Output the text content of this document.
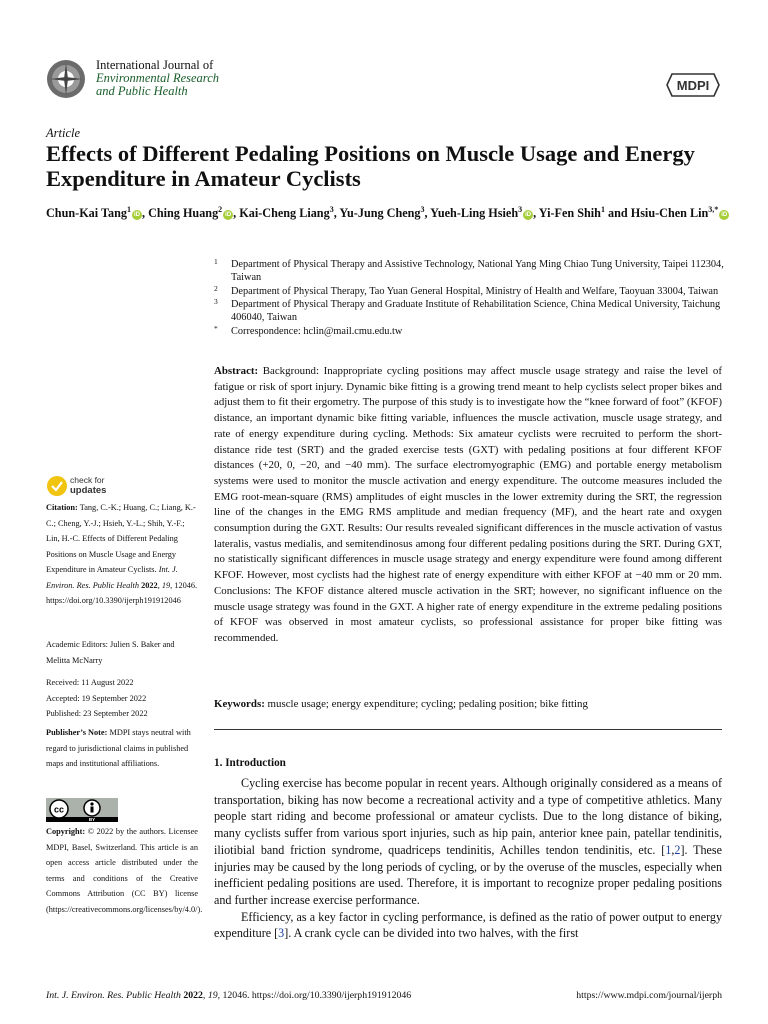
International Journal of
Environmental Research
and Public Health	MDPI
Article
Effects of Different Pedaling Positions on Muscle Usage and Energy Expenditure in Amateur Cyclists
Chun-Kai Tang$^1$iD , Ching Huang$^2$iD , Kai-Cheng Liang$^3$, Yu-Jung Cheng$^3$, Yueh-Ling Hsieh$^3$iD , Yi-Fen Shih$^1$ and Hsiu-Chen Lin$^{3,*}$iD
1 Department of Physical Therapy and Assistive Technology, National Yang Ming Chiao Tung University, Taipei 112304, Taiwan
2 Department of Physical Therapy, Tao Yuan General Hospital, Ministry of Health and Welfare, Taoyuan 33004, Taiwan
3 Department of Physical Therapy and Graduate Institute of Rehabilitation Science, China Medical University, Taichung 406040, Taiwan
* Correspondence: hclin@mail.cmu.edu.tw
check for
updates

Citation: Tang, C.-K.; Huang, C.; Liang, K.-C.; Cheng, Y.-J.; Hsieh, Y.-L.; Shih, Y.-F.; Lin, H.-C. Effects of Different Pedaling Positions on Muscle Usage and Energy Expenditure in Amateur Cyclists. Int. J. Environ. Res. Public Health 2022, 19, 12046. https://doi.org/10.3390/ijerph191912046

Academic Editors: Julien S. Baker and Melitta McNarry

Received: 11 August 2022

Accepted: 19 September 2022

Published: 23 September 2022

Publisher’s Note: MDPI stays neutral with regard to jurisdictional claims in published maps and institutional affiliations.

cc
BY

Copyright: © 2022 by the authors. Licensee MDPI, Basel, Switzerland. This article is an open access article distributed under the terms and conditions of the Creative Commons Attribution (CC BY) license (https://creativecommons.org/licenses/by/4.0/).

Abstract: Background: Inappropriate cycling positions may affect muscle usage strategy and raise the level of fatigue or risk of sport injury. Dynamic bike fitting is a growing trend meant to help cyclists select proper bikes and adjust them to fit their ergometry. The purpose of this study is to investigate how the “knee forward of foot” (KFOF) distance, an important dynamic bike fitting variable, influences the muscle activation, muscle usage strategy, and rate of energy expenditure during cycling. Methods: Six amateur cyclists were recruited to perform the short-distance ride test (SRT) and the graded exercise tests (GXT) with pedaling positions at four different KFOF distances (+20, 0, −20, and −40 mm). The surface electromyographic (EMG) and portable energy metabolism systems were used to monitor the muscle activation and energy expenditure. The outcome measures included the EMG root-mean-square (RMS) amplitudes of eight muscles in the lower extremity during the SRT, the regression line of the changes in the EMG RMS amplitude and median frequency (MF), and the heart rate and oxygen consumption during the GXT. Results: Our results revealed significant differences in the muscle activation of vastus lateralis, vastus medialis, and semitendinosus among four different pedaling positions during the SRT. During GXT, no statistically significant differences in muscle usage strategy and energy expenditure were found among different KFOF. However, most cyclists had the highest rate of energy expenditure with either KFOF at −40 mm or 20 mm. Conclusions: The KFOF distance altered muscle activation in the SRT; however, no significant influence on the muscle usage strategy was found in the GXT. A higher rate of energy expenditure in the extreme pedaling positions of KFOF was observed in most amateur cyclists, so professional assistance for proper bike fitting was recommended.

Keywords: muscle usage; energy expenditure; cycling; pedaling position; bike fitting

1. Introduction

Cycling exercise has become popular in recent years. Although originally considered as a means of transportation, biking has now become a recreational activity and a type of competitive athletics. Many people start riding and become professional or amateur cyclists. Due to the long distance of biking, many cyclists suffer from various sport injuries, such as hip pain, anterior knee pain, patellar tendinitis, iliotibial band friction syndrome, quadriceps tendinitis, Achilles tendon tendinitis, etc. [1,2]. These injuries may be caused by the long periods of cycling, or by the overuse of the muscles, especially when inefficient pedaling positions are used. Therefore, it is important to recognize proper pedaling positions and further increase exercise performance.

Efficiency, as a key factor in cycling performance, is defined as the ratio of power output to energy expenditure [3]. A crank cycle can be divided into two halves, with the first

Int. J. Environ. Res. Public Health 2022, 19, 12046. https://doi.org/10.3390/ijerph191912046	https://www.mdpi.com/journal/ijerph
